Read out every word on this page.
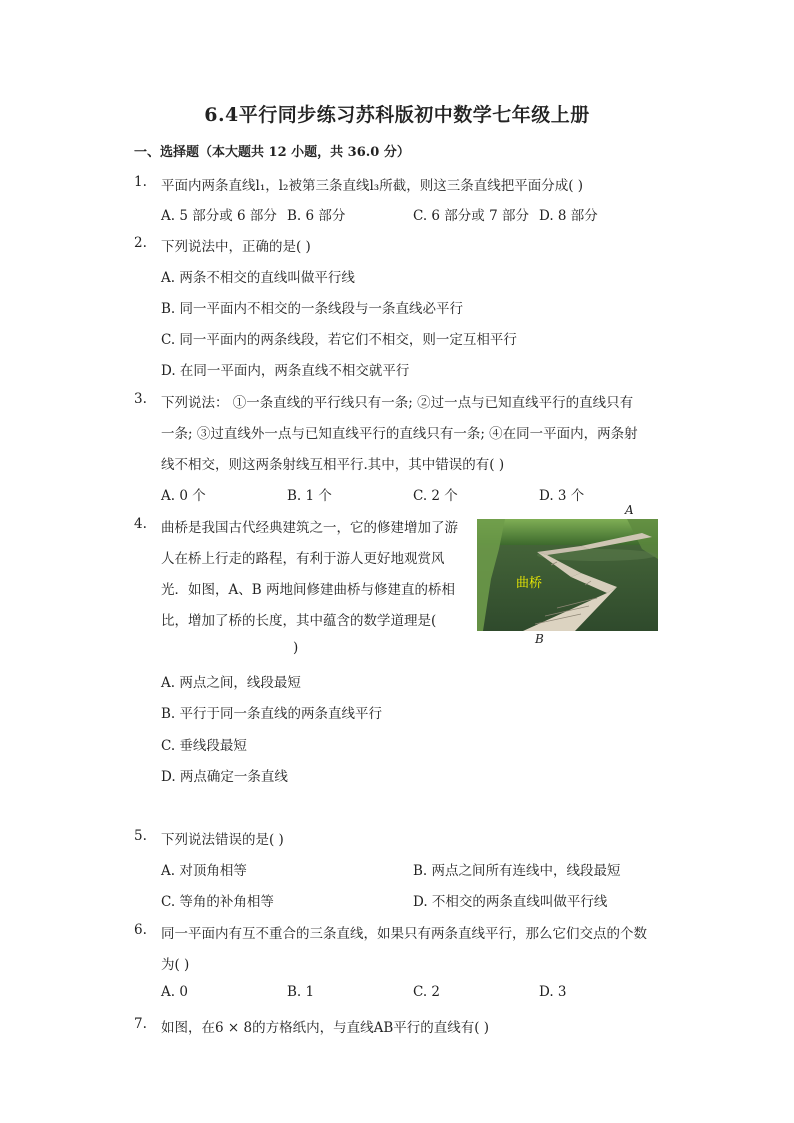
6.4平行同步练习苏科版初中数学七年级上册
一、选择题（本大题共 12 小题，共 36.0 分）
1. 平面内两条直线l₁，l₂被第三条直线l₃所截，则这三条直线把平面分成( )
A. 5 部分或 6 部分 B. 6 部分	C. 6 部分或 7 部分 D. 8 部分
2. 下列说法中，正确的是( )
A. 两条不相交的直线叫做平行线
B. 同一平面内不相交的一条线段与一条直线必平行
C. 同一平面内的两条线段，若它们不相交，则一定互相平行
D. 在同一平面内，两条直线不相交就平行
3. 下列说法： ①一条直线的平行线只有一条; ②过一点与已知直线平行的直线只有
一条; ③过直线外一点与已知直线平行的直线只有一条; ④在同一平面内，两条射
线不相交，则这两条射线互相平行.其中，其中错误的有( )
A. 0 个	B. 1 个	C. 2 个	D. 3 个
4. 曲桥是我国古代经典建筑之一，它的修建增加了游
人在桥上行走的路程，有利于游人更好地观赏风
光．如图，A、B 两地间修建曲桥与修建直的桥相
比，增加了桥的长度，其中蕴含的数学道理是(
)
A
曲桥
B
A. 两点之间，线段最短
B. 平行于同一条直线的两条直线平行
C. 垂线段最短
D. 两点确定一条直线
5. 下列说法错误的是( )
A. 对顶角相等	B. 两点之间所有连线中，线段最短
C. 等角的补角相等	D. 不相交的两条直线叫做平行线
6. 同一平面内有互不重合的三条直线，如果只有两条直线平行，那么它们交点的个数
为( )
A. 0	B. 1	C. 2	D. 3
7. 如图，在6 × 8的方格纸内，与直线AB平行的直线有( )
